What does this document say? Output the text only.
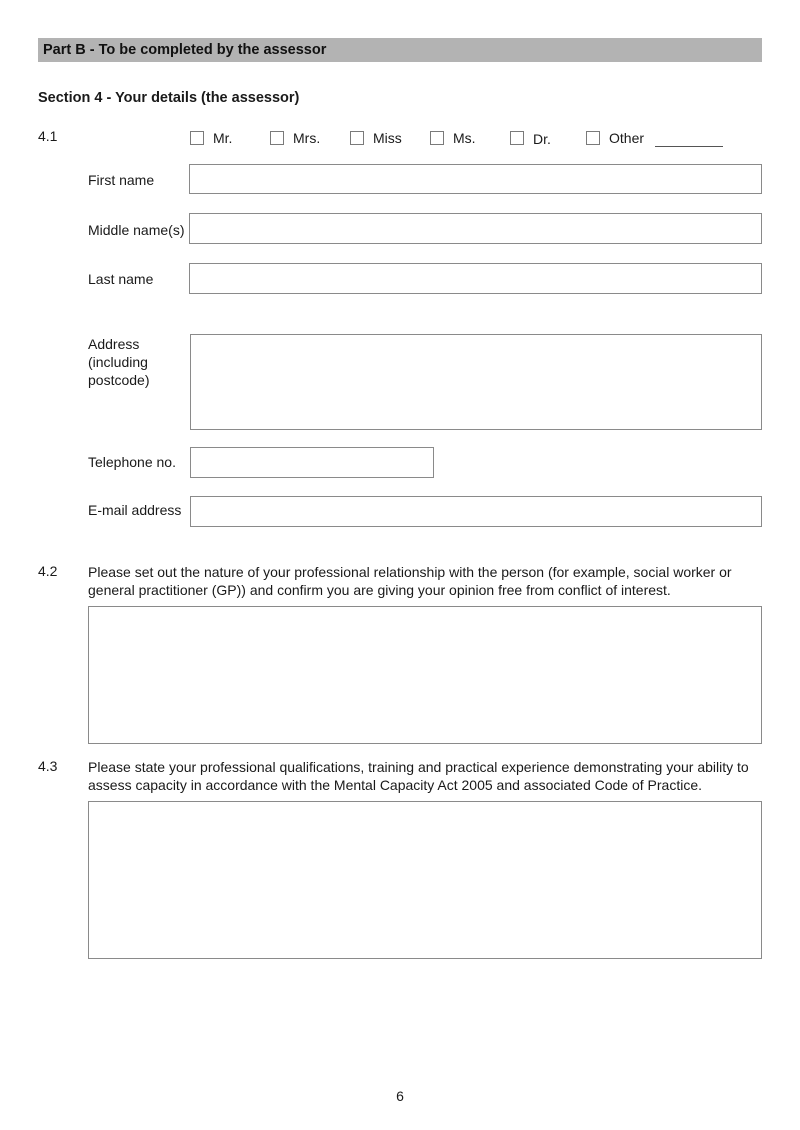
Part B - To be completed by the assessor
Section 4 - Your details (the assessor)
4.1	Mr.	Mrs.	Miss	Ms.	Dr.	Other
First name
Middle name(s)
Last name
Address
(including
postcode)
Telephone no.
E-mail address
4.2 Please set out the nature of your professional relationship with the person (for example, social worker or
general practitioner (GP)) and confirm you are giving your opinion free from conflict of interest.
4.3 Please state your professional qualifications, training and practical experience demonstrating your ability to
assess capacity in accordance with the Mental Capacity Act 2005 and associated Code of Practice.
6
